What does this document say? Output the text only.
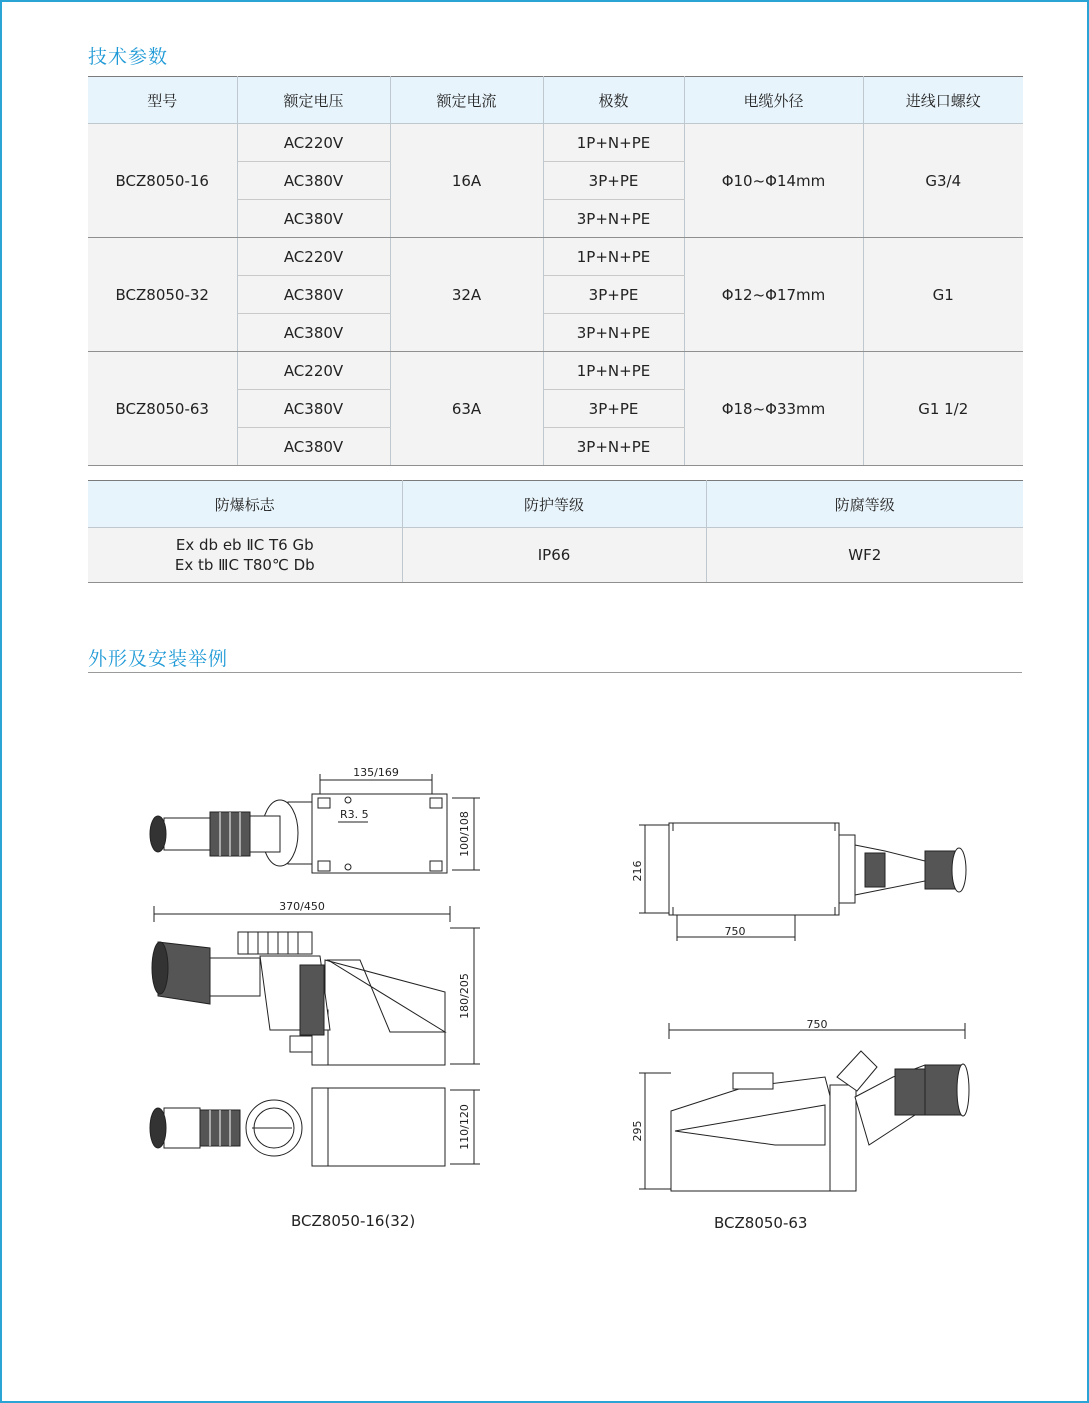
技术参数
型号	额定电压	额定电流	极数	电缆外径	进线口螺纹
BCZ8050-16	AC220V	16A	1P+N+PE	Φ10~Φ14mm	G3/4
	AC380V		3P+PE		
	AC380V		3P+N+PE		
BCZ8050-32	AC220V	32A	1P+N+PE	Φ12~Φ17mm	G1
	AC380V		3P+PE		
	AC380V		3P+N+PE		
BCZ8050-63	AC220V	63A	1P+N+PE	Φ18~Φ33mm	G1 1/2
	AC380V		3P+PE		
	AC380V		3P+N+PE		
防爆标志	防护等级	防腐等级

Ex db eb ⅡC T6 Gb
Ex tb ⅢC T80℃ Db	IP66	WF2
外形及安装举例
135/169
R3. 5	100/108
370/450
180/205
110/120
BCZ8050-16(32)
216
750
750
295
BCZ8050-63
